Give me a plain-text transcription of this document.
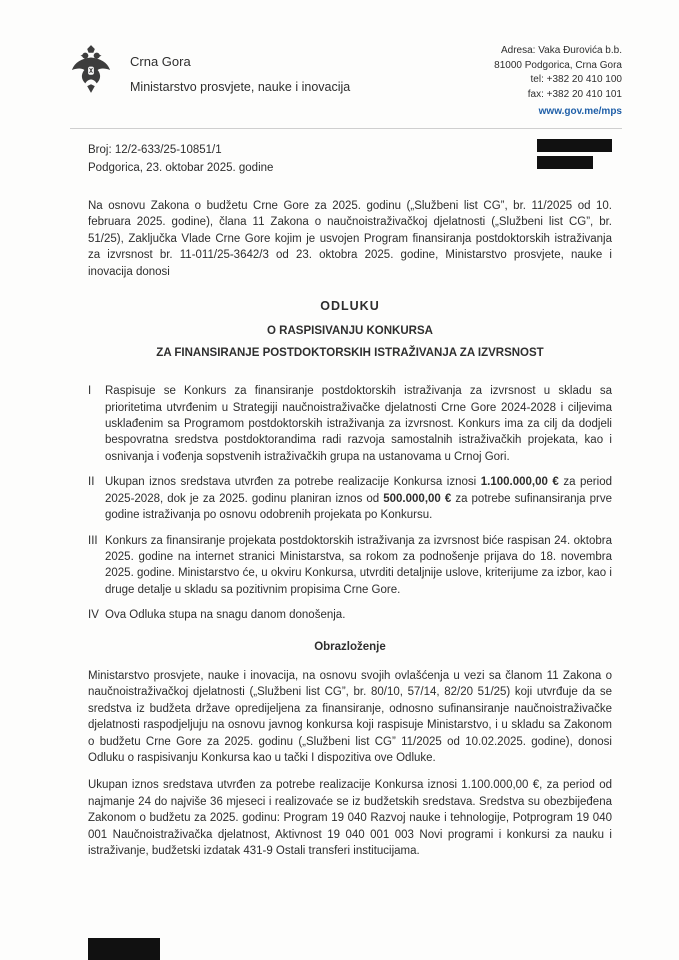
Crna Gora
Ministarstvo prosvjete, nauke i inovacija
Adresa: Vaka Đurovića b.b.
81000 Podgorica, Crna Gora
tel: +382 20 410 100
fax: +382 20 410 101
www.gov.me/mps
Broj: 12/2-633/25-10851/1
Podgorica, 23. oktobar 2025. godine

Na osnovu Zakona o budžetu Crne Gore za 2025. godinu („Službeni list CG”, br. 11/2025 od 10. februara 2025. godine), člana 11 Zakona o naučnoistraživačkoj djelatnosti („Službeni list CG”, br. 51/25), Zaključka Vlade Crne Gore kojim je usvojen Program finansiranja postdoktorskih istraživanja za izvrsnost br. 11-011/25-3642/3 od 23. oktobra 2025. godine, Ministarstvo prosvjete, nauke i inovacija donosi

ODLUKU
O RASPISIVANJU KONKURSA
ZA FINANSIRANJE POSTDOKTORSKIH ISTRAŽIVANJA ZA IZVRSNOST
I Raspisuje se Konkurs za finansiranje postdoktorskih istraživanja za izvrsnost u skladu sa prioritetima utvrđenim u Strategiji naučnoistraživačke djelatnosti Crne Gore 2024-2028 i ciljevima usklađenim sa Programom postdoktorskih istraživanja za izvrsnost. Konkurs ima za cilj da dodjeli bespovratna sredstva postdoktorandima radi razvoja samostalnih istraživačkih projekata, kao i osnivanja i vođenja sopstvenih istraživačkih grupa na ustanovama u Crnoj Gori.
II Ukupan iznos sredstava utvrđen za potrebe realizacije Konkursa iznosi 1.100.000,00 € za period 2025-2028, dok je za 2025. godinu planiran iznos od 500.000,00 € za potrebe sufinansiranja prve godine istraživanja po osnovu odobrenih projekata po Konkursu.
III Konkurs za finansiranje projekata postdoktorskih istraživanja za izvrsnost biće raspisan 24. oktobra 2025. godine na internet stranici Ministarstva, sa rokom za podnošenje prijava do 18. novembra 2025. godine. Ministarstvo će, u okviru Konkursa, utvrditi detaljnije uslove, kriterijume za izbor, kao i druge detalje u skladu sa pozitivnim propisima Crne Gore.
IV Ova Odluka stupa na snagu danom donošenja.
Obrazloženje

Ministarstvo prosvjete, nauke i inovacija, na osnovu svojih ovlašćenja u vezi sa članom 11 Zakona o naučnoistraživačkoj djelatnosti („Službeni list CG”, br. 80/10, 57/14, 82/20 51/25) koji utvrđuje da se sredstva iz budžeta države opredijeljena za finansiranje, odnosno sufinansiranje naučnoistraživačke djelatnosti raspodjeljuju na osnovu javnog konkursa koji raspisuje Ministarstvo, i u skladu sa Zakonom o budžetu Crne Gore za 2025. godinu („Službeni list CG” 11/2025 od 10.02.2025. godine), donosi Odluku o raspisivanju Konkursa kao u tački I dispozitiva ove Odluke.

Ukupan iznos sredstava utvrđen za potrebe realizacije Konkursa iznosi 1.100.000,00 €, za period od najmanje 24 do najviše 36 mjeseci i realizovaće se iz budžetskih sredstava. Sredstva su obezbijeđena Zakonom o budžetu za 2025. godinu: Program 19 040 Razvoj nauke i tehnologije, Potprogram 19 040 001 Naučnoistraživačka djelatnost, Aktivnost 19 040 001 003 Novi programi i konkursi za nauku i istraživanje, budžetski izdatak 431-9 Ostali transferi institucijama.
